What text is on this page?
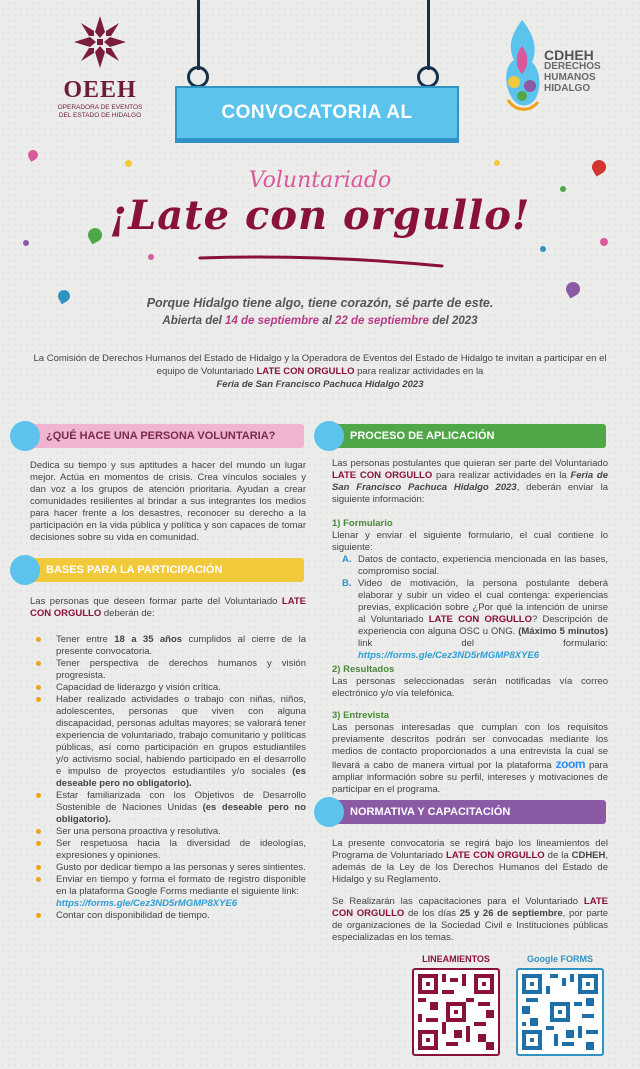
OEEH
OPERADORA DE EVENTOS
DEL ESTADO DE HIDALGO
CDHEH
DERECHOS
HUMANOS
HIDALGO
CONVOCATORIA AL
Voluntariado
¡Late con orgullo!
Porque Hidalgo tiene algo, tiene corazón, sé parte de este.
Abierta del 14 de septiembre al 22 de septiembre del 2023
La Comisión de Derechos Humanos del Estado de Hidalgo y la Operadora de Eventos del Estado de Hidalgo te invitan a participar en el equipo de Voluntariado LATE CON ORGULLO para realizar actividades en la
Feria de San Francisco Pachuca Hidalgo 2023
¿QUÉ HACE UNA PERSONA VOLUNTARIA?
Dedica su tiempo y sus aptitudes a hacer del mundo un lugar mejor. Actúa en momentos de crisis. Crea vínculos sociales y dan voz a los grupos de atención prioritaria. Ayudan a crear comunidades resilientes al brindar a sus integrantes los medios para hacer frente a los desastres, reconocer su derecho a la participación en la vida pública y política y son capaces de tomar decisiones sobre su vida en comunidad.
BASES PARA LA PARTICIPACIÓN
Las personas que deseen formar parte del Voluntariado LATE CON ORGULLO deberán de:
Tener entre 18 a 35 años cumplidos al cierre de la presente convocatoria.
Tener perspectiva de derechos humanos y visión progresista.
Capacidad de liderazgo y visión crítica.
Haber realizado actividades o trabajo con niñas, niños, adolescentes, personas que viven con alguna discapacidad, personas adultas mayores; se valorará tener experiencia de voluntariado, trabajo comunitario y políticas públicas, así como participación en grupos estudiantiles y/o activismo social, habiendo participado en el desarrollo e impulso de proyectos estudiantiles y/o sociales (es deseable pero no obligatorio).
Estar familiarizada con los Objetivos de Desarrollo Sostenible de Naciones Unidas (es deseable pero no obligatorio).
Ser una persona proactiva y resolutiva.
Ser respetuosa hacia la diversidad de ideologías, expresiones y opiniones.
Gusto por dedicar tiempo a las personas y seres sintientes.
Enviar en tiempo y forma el formato de registro disponible en la plataforma Google Forms mediante el siguiente link:
https://forms.gle/Cez3ND5rMGMP8XYE6
Contar con disponibilidad de tiempo.
PROCESO DE APLICACIÓN
Las personas postulantes que quieran ser parte del Voluntariado LATE CON ORGULLO para realizar actividades en la Feria de San Francisco Pachuca Hidalgo 2023, deberán enviar la siguiente información:
1) Formulario
Llenar y enviar el siguiente formulario, el cual contiene lo siguiente:
A. Datos de contacto, experiencia mencionada en las bases, compromiso social.
B. Video de motivación, la persona postulante deberá elaborar y subir un video el cual contenga: experiencias previas, explicación sobre ¿Por qué la intención de unirse al Voluntariado LATE CON ORGULLO? Descripción de experiencia con alguna OSC u ONG. (Máximo 5 minutos) link del formulario: https://forms.gle/Cez3ND5rMGMP8XYE6
2) Resultados
Las personas seleccionadas serán notificadas vía correo electrónico y/o vía telefónica.
3) Entrevista
Las personas interesadas que cumplan con los requisitos previamente descritos podrán ser convocadas mediante los medios de contacto proporcionados a una entrevista la cual se llevará a cabo de manera virtual por la plataforma zoom para ampliar información sobre su perfil, intereses y motivaciones de participar en el programa.
NORMATIVA Y CAPACITACIÓN
La presente convocatoria se regirá bajo los lineamientos del Programa de Voluntariado LATE CON ORGULLO de la CDHEH, además de la Ley de los Derechos Humanos del Estado de Hidalgo y su Reglamento.
Se Realizarán las capacitaciones para el Voluntariado LATE CON ORGULLO de los días 25 y 26 de septiembre, por parte de organizaciones de la Sociedad Civil e Instituciones públicas especializadas en los temas.
LINEAMIENTOS	Google FORMS
